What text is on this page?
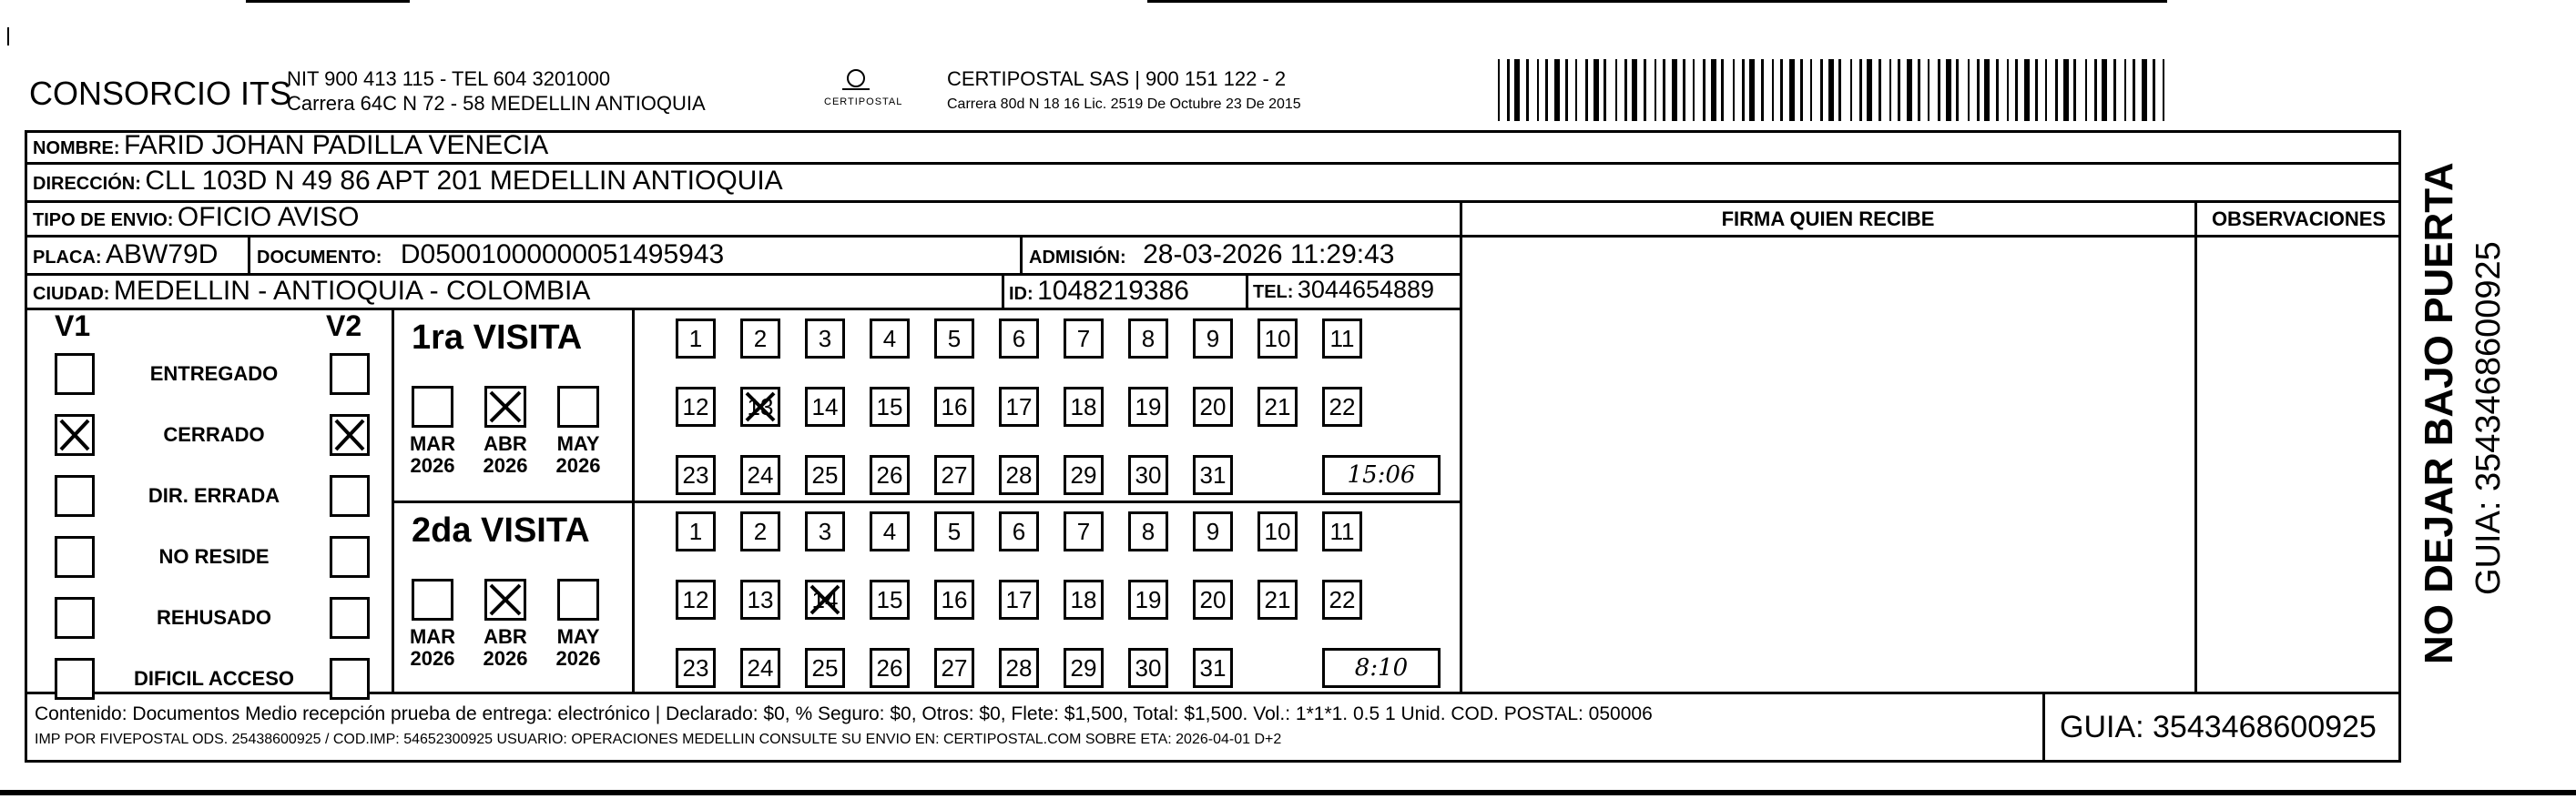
CONSORCIO ITS
NIT 900 413 115 - TEL 604 3201000
Carrera 64C N 72 - 58 MEDELLIN ANTIOQUIA	CERTIPOSTAL
CERTIPOSTAL SAS | 900 151 122 - 2
Carrera 80d N 18 16 Lic. 2519 De Octubre 23 De 2015
NOMBRE: FARID JOHAN PADILLA VENECIA
DIRECCIÓN: CLL 103D N 49 86 APT 201 MEDELLIN ANTIOQUIA
TIPO DE ENVIO: OFICIO AVISO
PLACA: ABW79D DOCUMENTO: D05001000000051495943	ADMISIÓN: 28-03-2026 11:29:43
CIUDAD: MEDELLIN - ANTIOQUIA - COLOMBIA	ID: 1048219386	TEL: 3044654889
FIRMA QUIEN RECIBE	OBSERVACIONES
V1	V2
ENTREGADO
CERRADO
DIR. ERRADA
NO RESIDE
REHUSADO
DIFICIL ACCESO
1ra VISITA
2da VISITA
MAR
2026
ABR
2026
MAY
2026
MAR
2026
ABR
2026
MAY
2026
1	2	3	4	5	6	7	8	9	10	11
12 13 14 15 16 17 18 19 20 21 22
23 24 25 26 27 28 29 30 31	15:06
1	2	3	4	5	6	7	8	9	10	11
12 13 14 15 16 17 18 19 20 21 22
23 24 25 26 27 28 29 30 31	8:10
Contenido: Documentos Medio recepción prueba de entrega: electrónico | Declarado: $0, % Seguro: $0, Otros: $0, Flete: $1,500, Total: $1,500. Vol.: 1*1*1. 0.5 1 Unid. COD. POSTAL: 050006
IMP POR FIVEPOSTAL ODS. 25438600925 / COD.IMP: 54652300925 USUARIO: OPERACIONES MEDELLIN CONSULTE SU ENVIO EN: CERTIPOSTAL.COM SOBRE ETA: 2026-04-01 D+2	GUIA: 3543468600925
NO DEJAR BAJO PUERTA GUIA: 3543468600925
